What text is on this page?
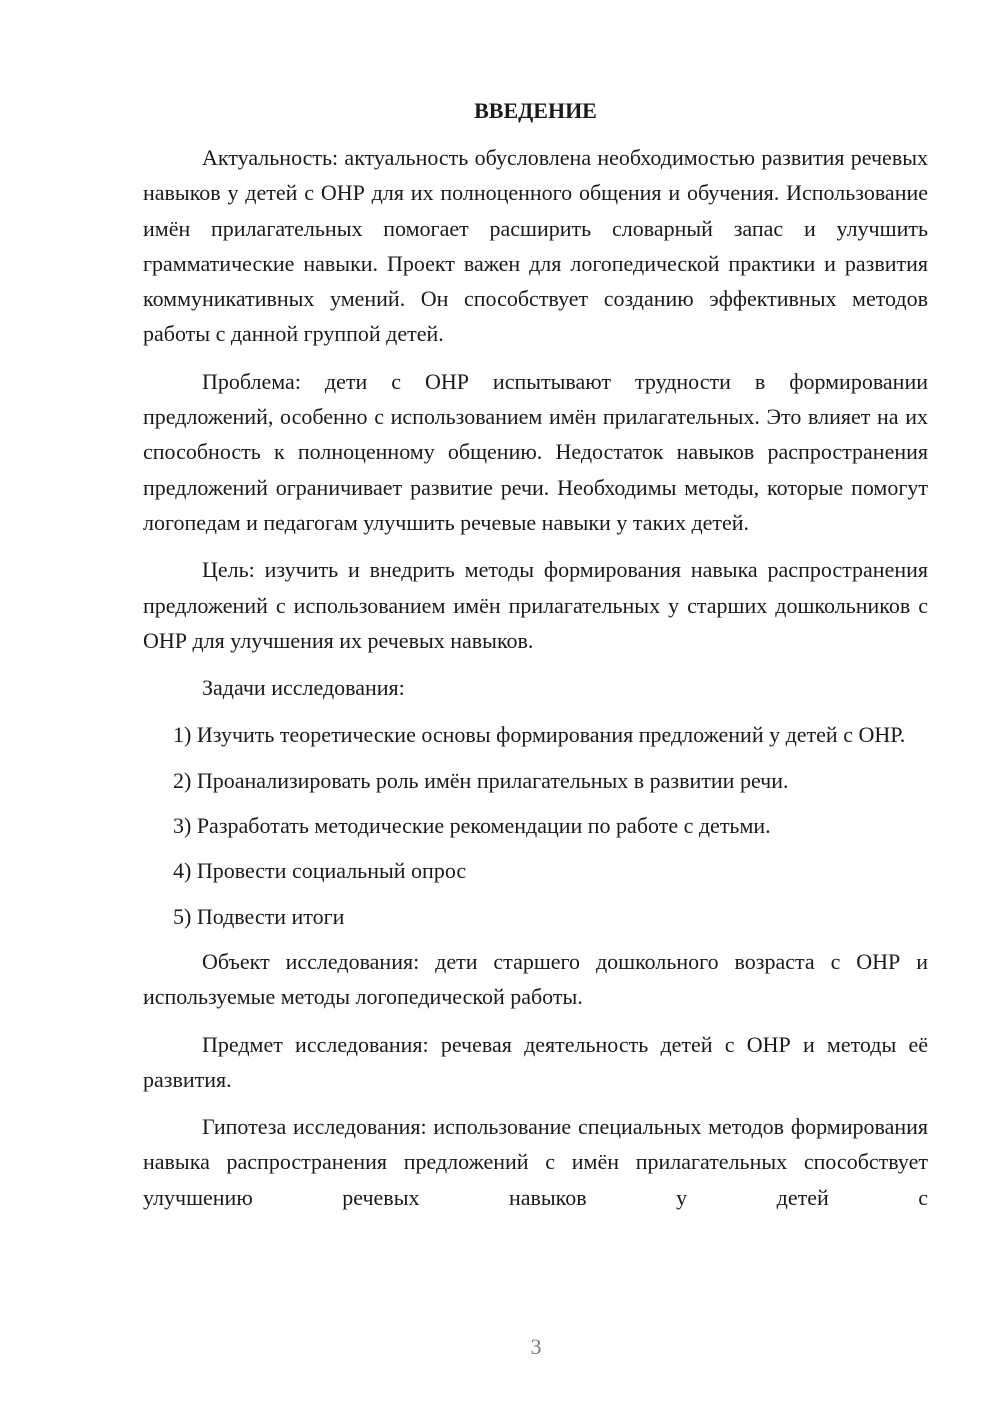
ВВЕДЕНИЕ

Актуальность: актуальность обусловлена необходимостью развития речевых навыков у детей с ОНР для их полноценного общения и обучения. Использование имён прилагательных помогает расширить словарный запас и улучшить грамматические навыки. Проект важен для логопедической практики и развития коммуникативных умений. Он способствует созданию эффективных методов работы с данной группой детей.

Проблема: дети с ОНР испытывают трудности в формировании предложений, особенно с использованием имён прилагательных. Это влияет на их способность к полноценному общению. Недостаток навыков распространения предложений ограничивает развитие речи. Необходимы методы, которые помогут логопедам и педагогам улучшить речевые навыки у таких детей.

Цель: изучить и внедрить методы формирования навыка распространения предложений с использованием имён прилагательных у старших дошкольников с ОНР для улучшения их речевых навыков.

Задачи исследования:

1) Изучить теоретические основы формирования предложений у детей с ОНР.

2) Проанализировать роль имён прилагательных в развитии речи.

3) Разработать методические рекомендации по работе с детьми.

4) Провести социальный опрос

5) Подвести итоги

Объект исследования: дети старшего дошкольного возраста с ОНР и используемые методы логопедической работы.

Предмет исследования: речевая деятельность детей с ОНР и методы её развития.

Гипотеза исследования: использование специальных методов формирования навыка распространения предложений с имён прилагательных способствует улучшению речевых навыков у детей с

3
